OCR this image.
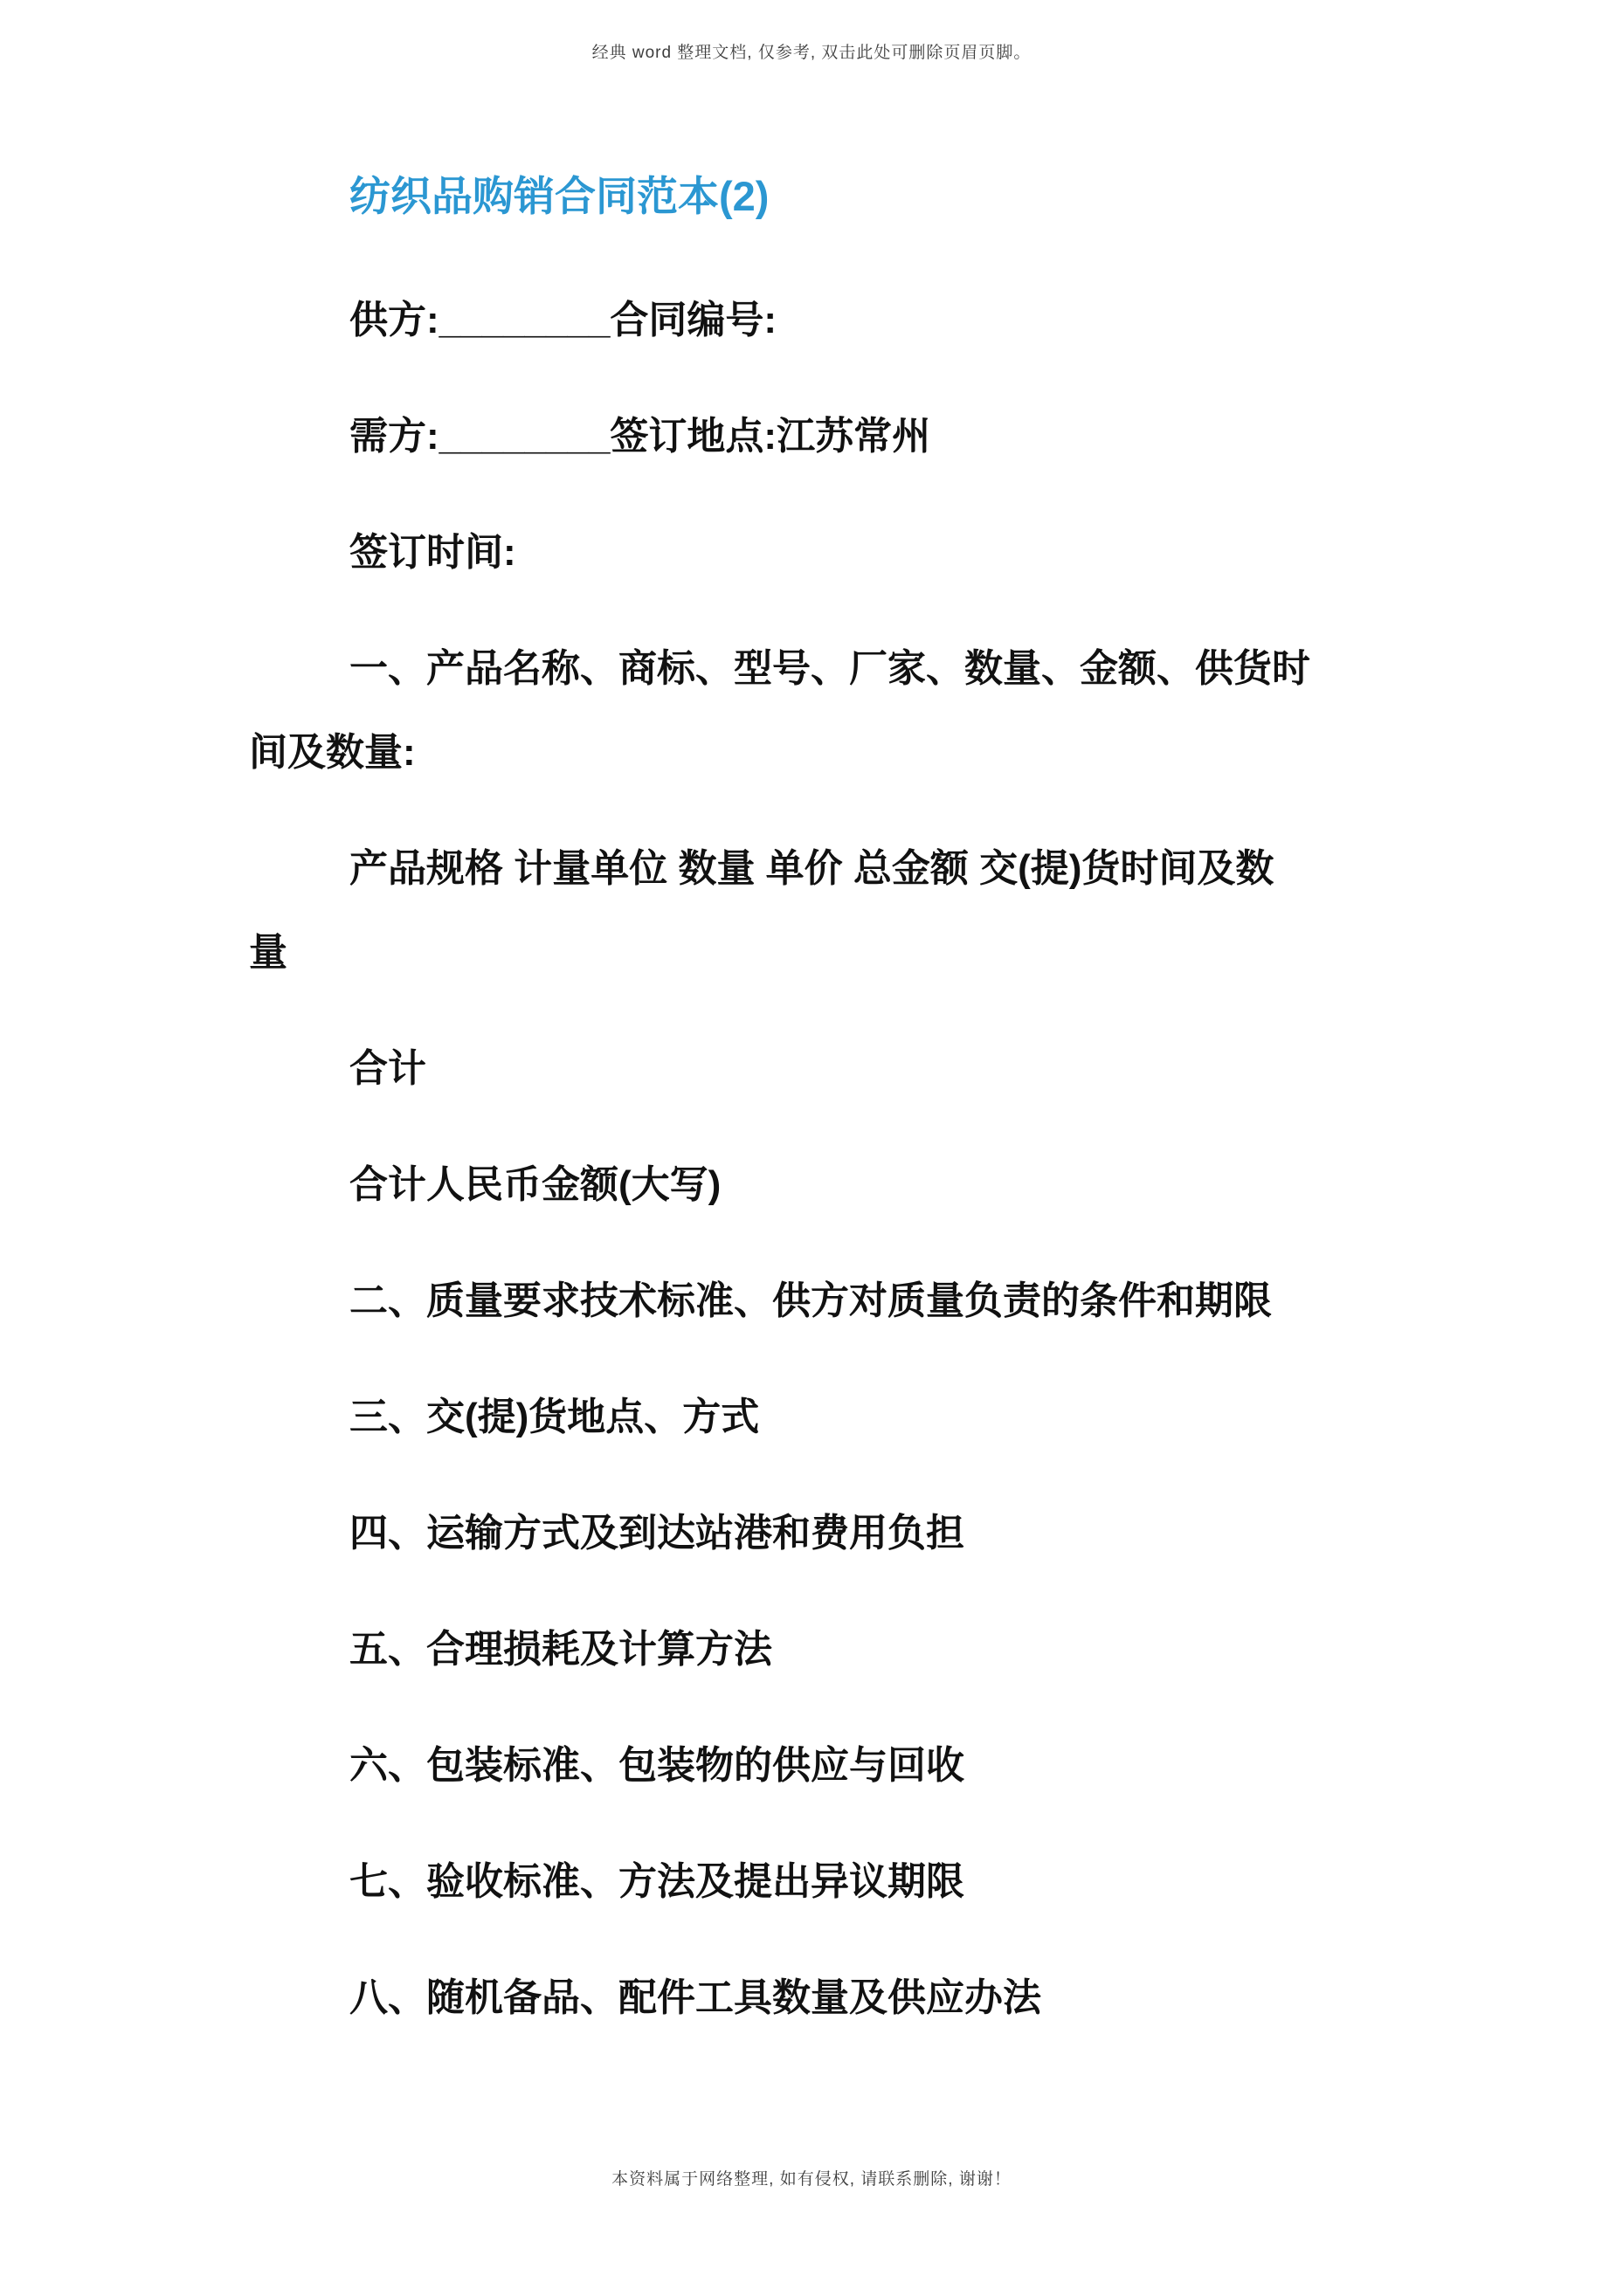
经典 word 整理文档, 仅参考, 双击此处可删除页眉页脚。
纺织品购销合同范本(2)
供方:________合同编号:
需方:________签订地点:江苏常州
签订时间:
一、产品名称、商标、型号、厂家、数量、金额、供货时
间及数量:
产品规格 计量单位 数量 单价 总金额 交(提)货时间及数
量
合计
合计人民币金额(大写)
二、质量要求技术标准、供方对质量负责的条件和期限
三、交(提)货地点、方式
四、运输方式及到达站港和费用负担
五、合理损耗及计算方法
六、包装标准、包装物的供应与回收
七、验收标准、方法及提出异议期限
八、随机备品、配件工具数量及供应办法
本资料属于网络整理, 如有侵权, 请联系删除, 谢谢！
